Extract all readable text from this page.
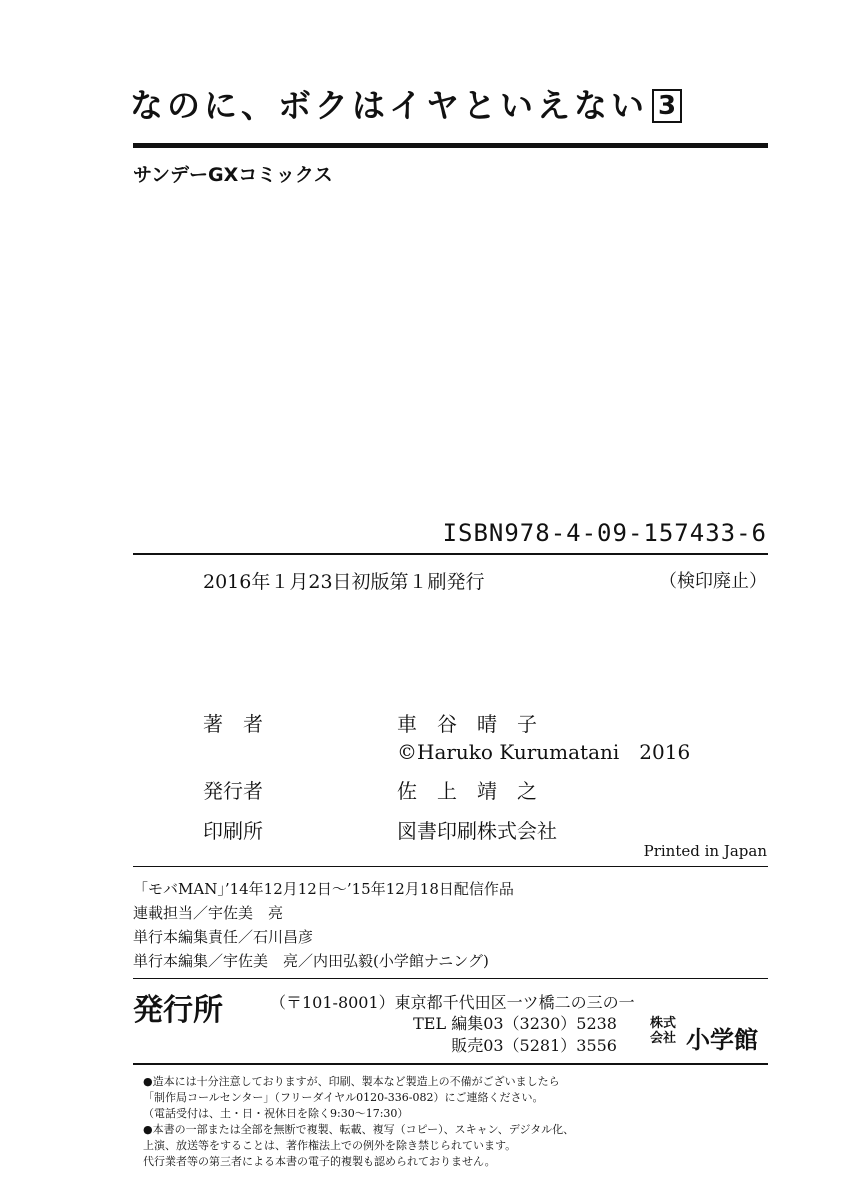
なのに、ボクはイヤといえない 3
サンデーGXコミックス
ISBN978-4-09-157433-6
2016年１月23日初版第１刷発行	（検印廃止）
著　者	車　谷　晴　子
©Haruko Kurumatani　2016
発行者	佐　上　靖　之
印刷所	図書印刷株式会社
Printed in Japan
「モバMAN」’14年12月12日～’15年12月18日配信作品
連載担当／宇佐美　亮
単行本編集責任／石川昌彦
単行本編集／宇佐美　亮／内田弘毅(小学館ナニング)
発行所	（〒101-8001）東京都千代田区一ツ橋二の三の一
TEL 編集03（3230）5238
販売03（5281）3556
株式
会社 小学館
●造本には十分注意しておりますが、印刷、製本など製造上の不備がございましたら
「制作局コールセンター」（フリーダイヤル0120-336-082）にご連絡ください。
（電話受付は、土・日・祝休日を除く9:30～17:30）
●本書の一部または全部を無断で複製、転載、複写（コピー）、スキャン、デジタル化、
上演、放送等をすることは、著作権法上での例外を除き禁じられています。
代行業者等の第三者による本書の電子的複製も認められておりません。
